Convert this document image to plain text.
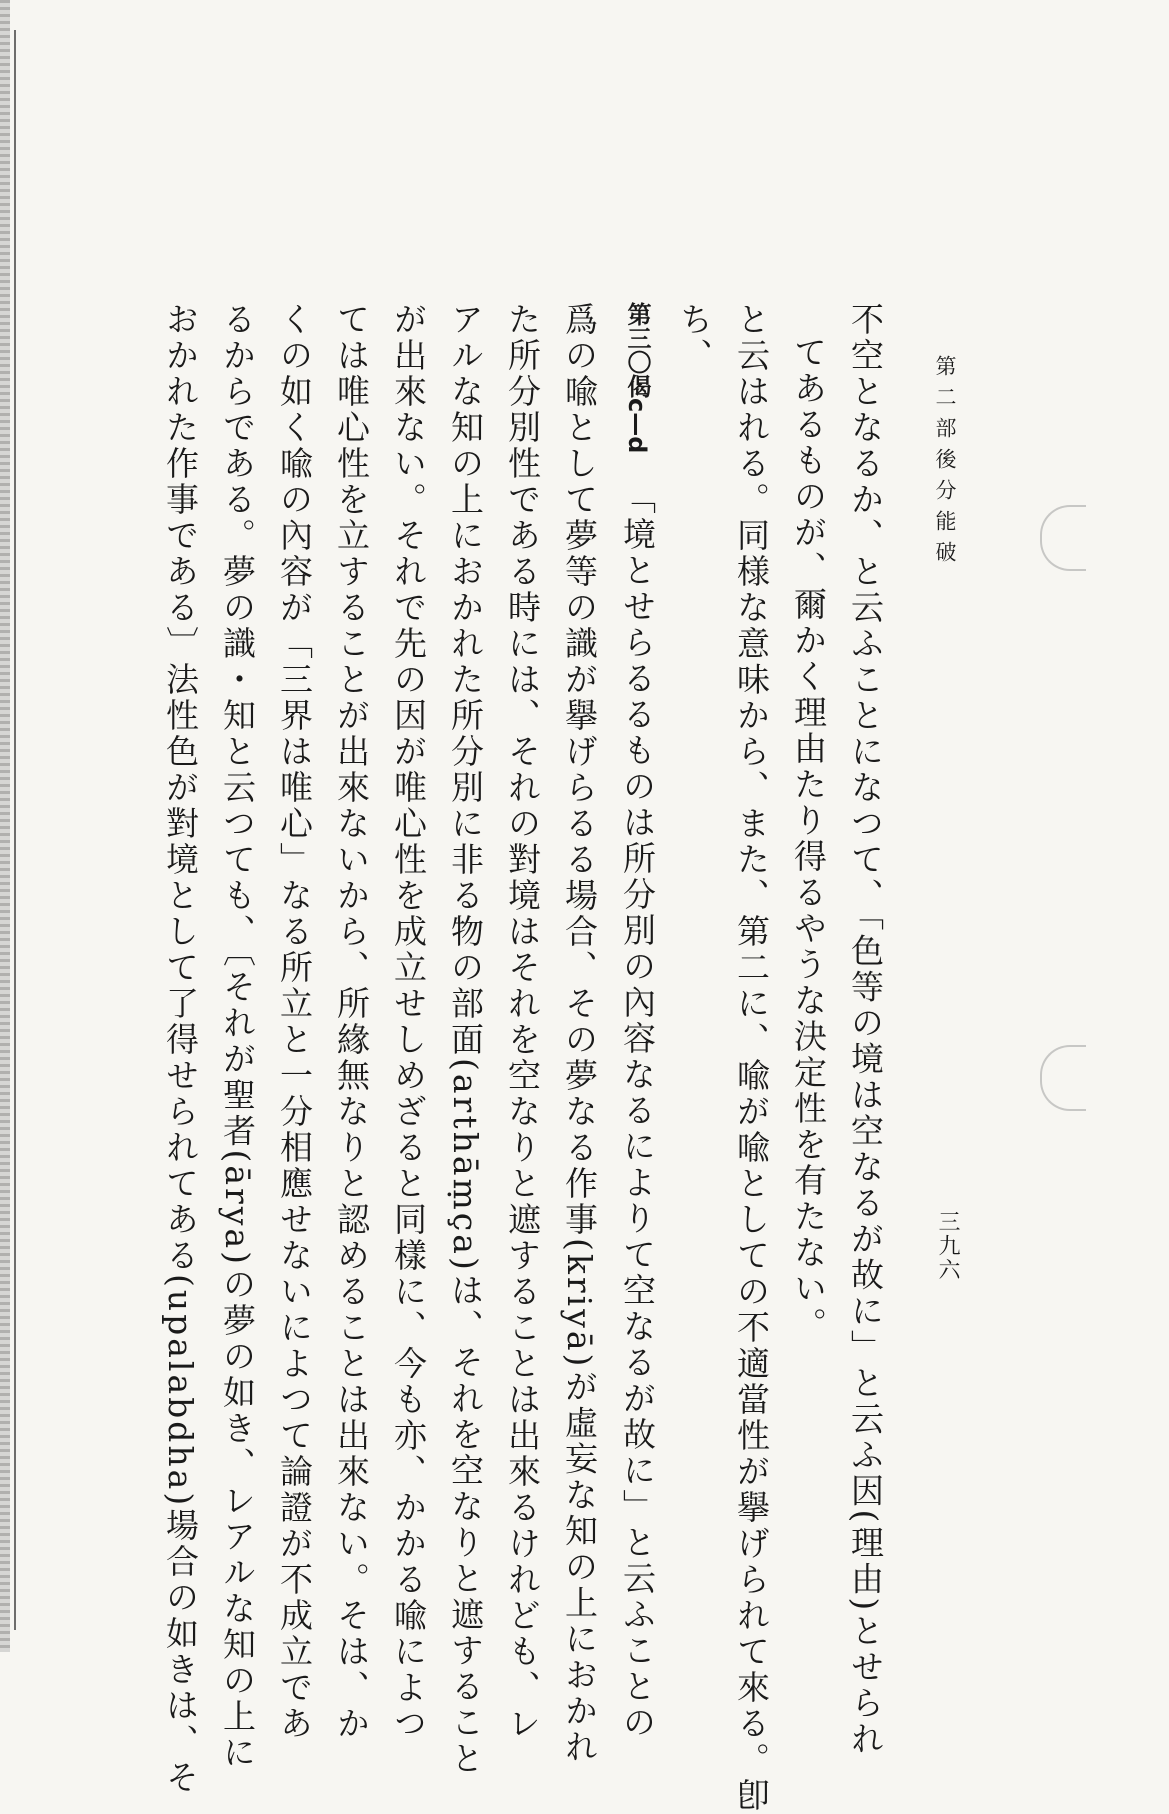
第二部後分能破
三九六

不空となるか、と云ふことになつて、「色等の境は空なるが故に」と云ふ因(理由)とせられ

てあるものが、爾かく理由たり得るやうな決定性を有たない。

と云はれる。同様な意味から、また、第二に、喩が喩としての不適當性が擧げられて來る。卽

ち、

第三〇偈c—d 「境とせらるるものは所分別の內容なるによりて空なるが故に」と云ふことの

爲の喩として夢等の識が擧げらるる場合、その夢なる作事(kriyā)が虛妄な知の上におかれ

た所分別性である時には、それの對境はそれを空なりと遮することは出來るけれども、レ

アルな知の上におかれた所分別に非る物の部面(arthāṃça)は、それを空なりと遮すること

が出來ない。それで先の因が唯心性を成立せしめざると同樣に、今も亦、かかる喩によつ

ては唯心性を立することが出來ないから、所緣無なりと認めることは出來ない。そは、か

くの如く喩の內容が「三界は唯心」なる所立と一分相應せないによつて論證が不成立であ

るからである。夢の識・知と云つても、〔それが聖者(ārya)の夢の如き、レアルな知の上に

おかれた作事である〕法性色が對境として了得せられてある(upalabdha)場合の如きは、そ
